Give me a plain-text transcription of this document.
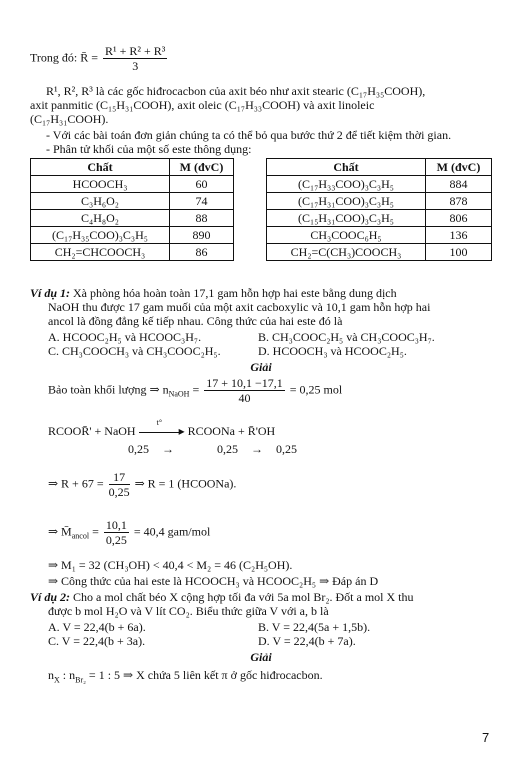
Trong đó: R̄ = $\frac{\text{R¹ + R² + R³}}{3}$
R¹, R², R³ là các gốc hiđrocacbon của axit béo như axit stearic (C₁₇H₃₅COOH),
axit panmitic (C₁₅H₃₁COOH), axit oleic (C₁₇H₃₃COOH) và axit linoleic
(C₁₇H₃₁COOH).
- Với các bài toán đơn giản chúng ta có thể bỏ qua bước thứ 2 để tiết kiệm thời gian.
- Phân tử khối của một số este thông dụng:
Chất	M (đvC)
HCOOCH₃	60
C₃H₆O₂	74
C₄H₈O₂	88
(C₁₇H₃₅COO)₃C₃H₅	890
CH₂=CHCOOCH₃	86
Chất	M (đvC)
(C₁₇H₃₃COO)₃C₃H₅	884
(C₁₇H₃₁COO)₃C₃H₅	878
(C₁₅H₃₁COO)₃C₃H₅	806
CH₃COOC₆H₅	136
CH₂=C(CH₃)COOCH₃	100
Ví dụ 1: Xà phòng hóa hoàn toàn 17,1 gam hỗn hợp hai este bằng dung dịch
NaOH thu được 17 gam muối của một axit cacboxylic và 10,1 gam hỗn hợp hai
ancol là đồng đẳng kế tiếp nhau. Công thức của hai este đó là
A. HCOOC₂H₅ và HCOOC₃H₇.	B. CH₃COOC₂H₅ và CH₃COOC₃H₇.
C. CH₃COOCH₃ và CH₃COOC₂H₅.	D. HCOOCH₃ và HCOOC₂H₅.
Giải
Bảo toàn khối lượng ⇒ $n_{NaOH} = \frac{17 + 10,1 -17,1}{40} = 0,25$ mol
RCOOR̄' + NaOH
t°
▸ RCOONa + R̄'OH
0,25 →	0,25 → 0,25
⇒ $R + 67 = \frac{17}{0,25}$ ⇒ R = 1 (HCOONa).
⇒ $M̄_{ancol} = \frac{10,1}{0,25} = 40,4$ gam/mol
⇒ M₁ = 32 (CH₃OH) < 40,4 < M₂ = 46 (C₂H₅OH).
⇒ Công thức của hai este là HCOOCH₃ và HCOOC₂H₅ ⇒ Đáp án D
Ví dụ 2: Cho a mol chất béo X cộng hợp tối đa với 5a mol Br₂. Đốt a mol X thu
được b mol H₂O và V lít CO₂. Biểu thức giữa V với a, b là
A. V = 22,4(b + 6a).	B. V = 22,4(5a + 1,5b).
C. V = 22,4(b + 3a).	D. V = 22,4(b + 7a).
Giải
$n_X$ : $n_{Br_2} = 1$ : 5 ⇒ X chứa 5 liên kết π ở gốc hiđrocacbon.
7
